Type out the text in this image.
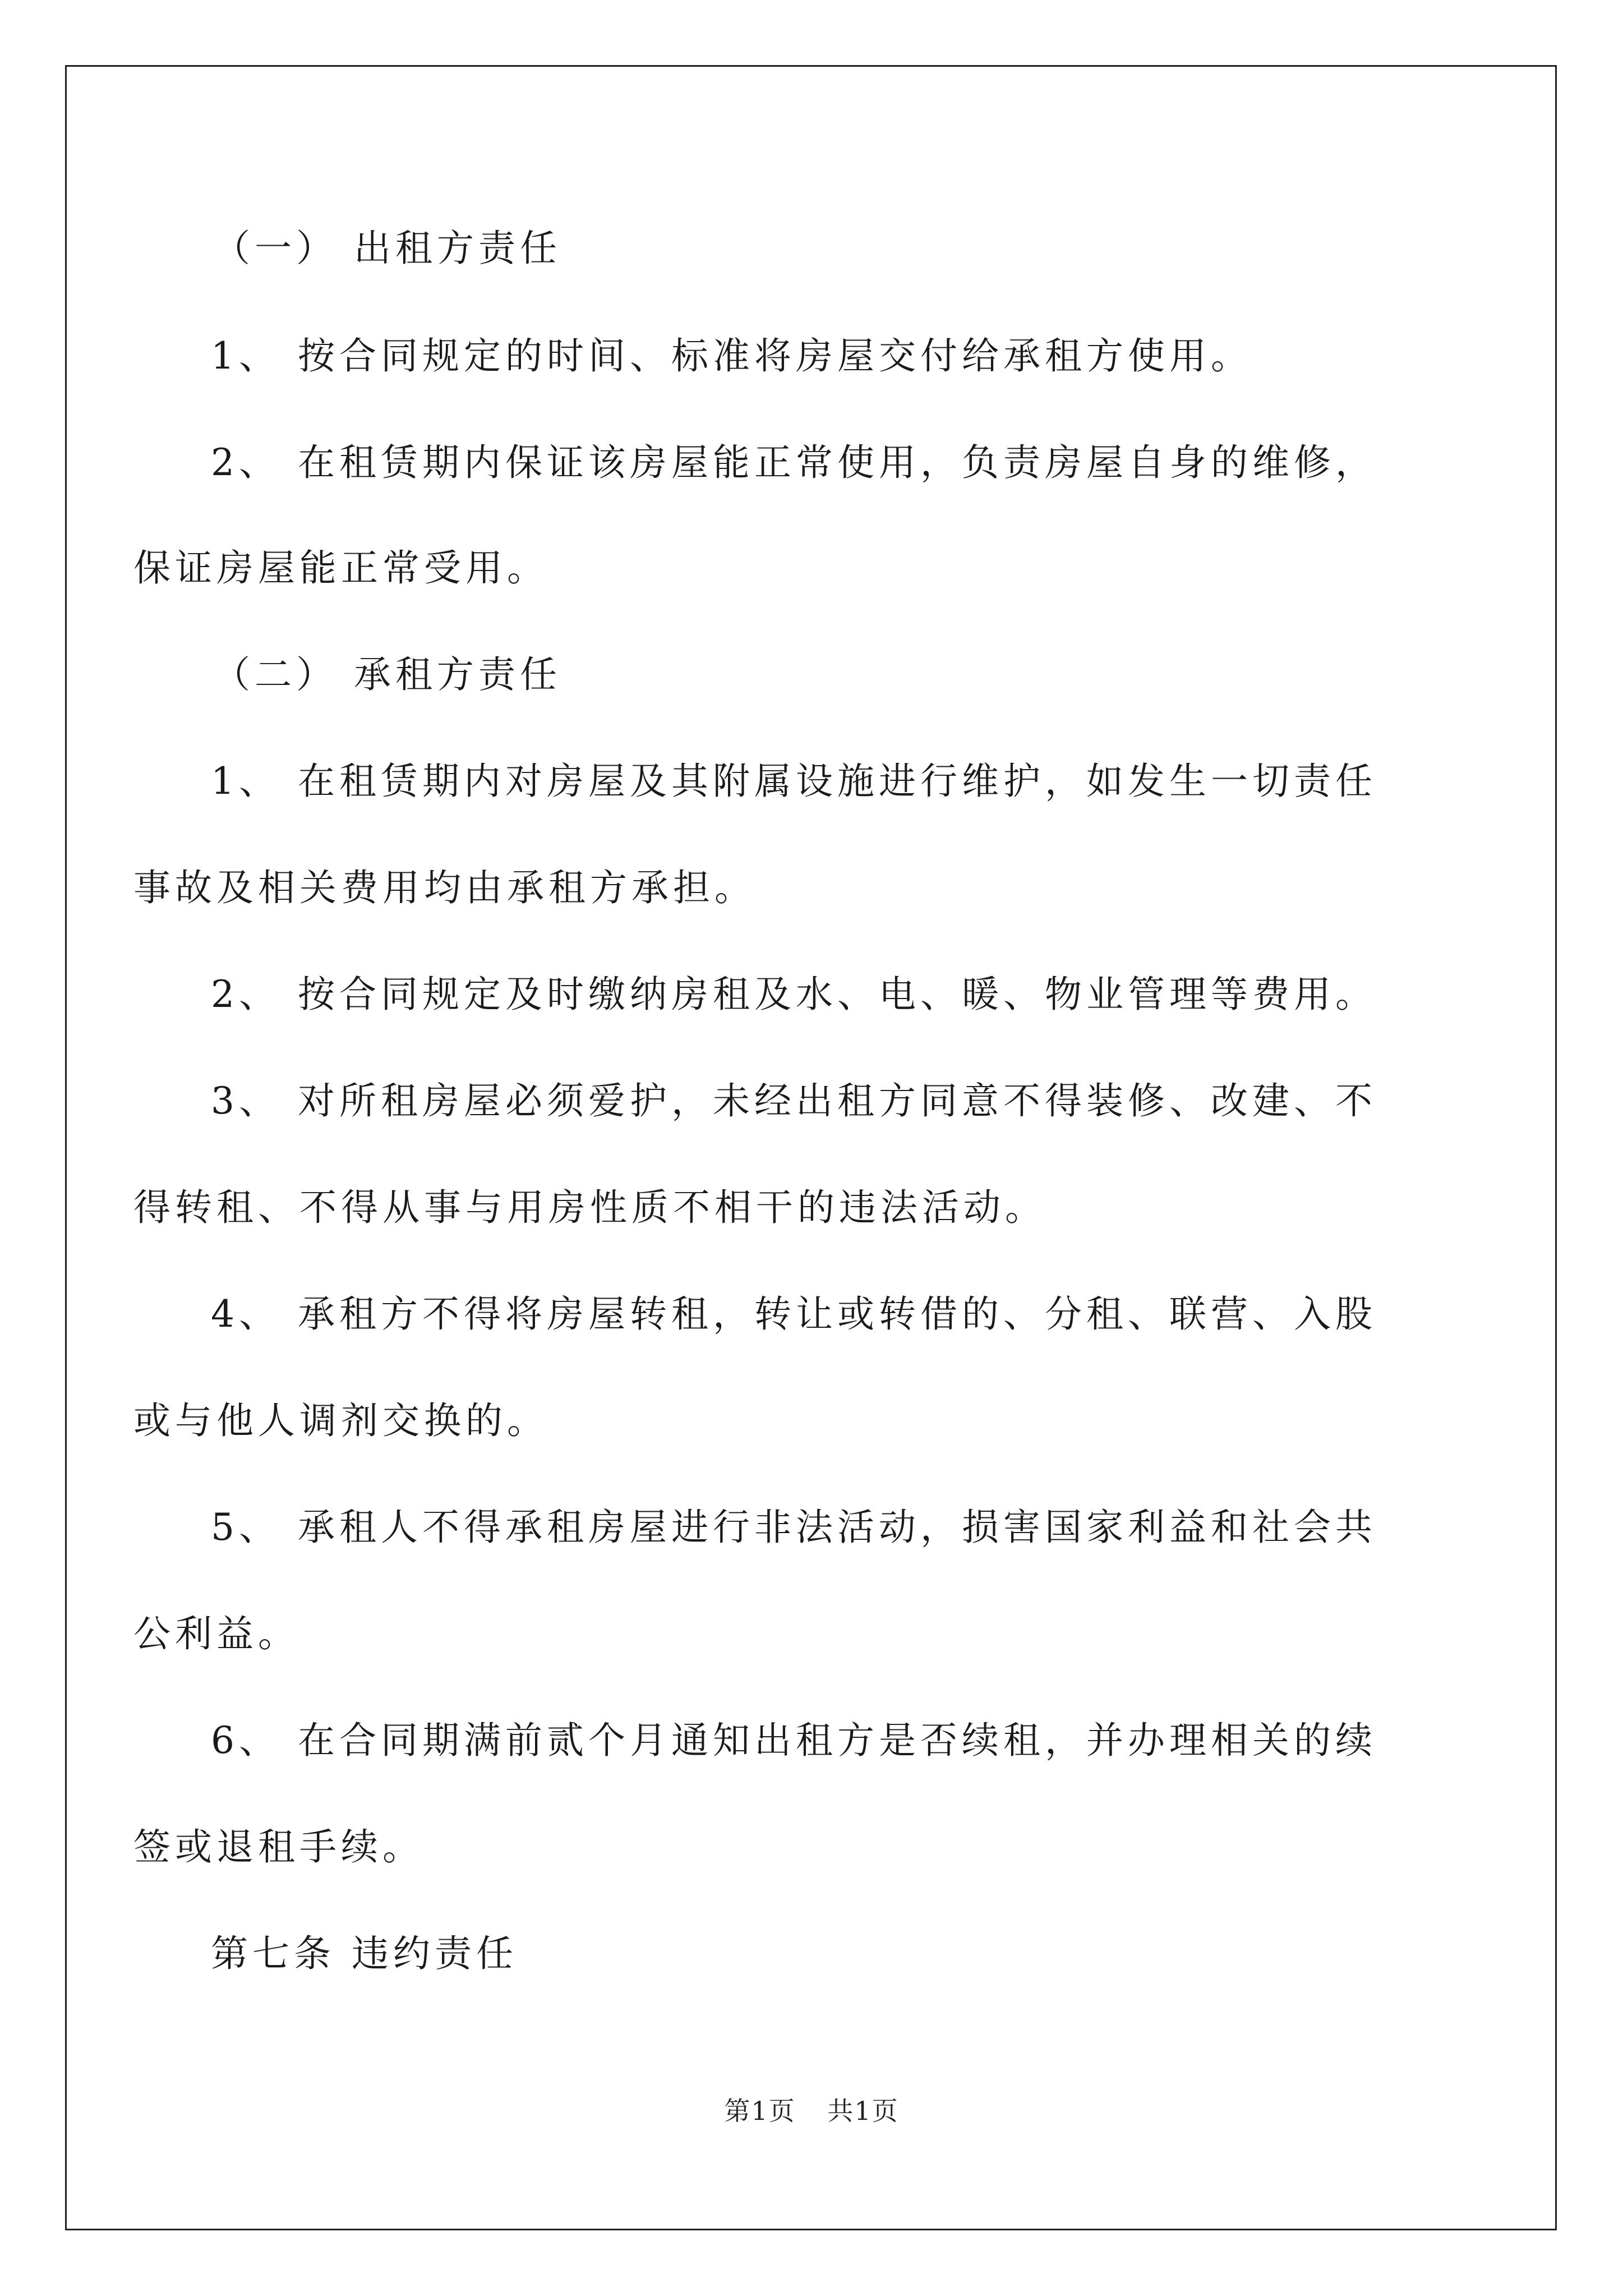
（一） 出租方责任
1、 按合同规定的时间、标准将房屋交付给承租方使用。
2、 在租赁期内保证该房屋能正常使用，负责房屋自身的维修，
保证房屋能正常受用。
（二） 承租方责任
1、 在租赁期内对房屋及其附属设施进行维护，如发生一切责任
事故及相关费用均由承租方承担。
2、 按合同规定及时缴纳房租及水、电、暖、物业管理等费用。
3、 对所租房屋必须爱护，未经出租方同意不得装修、改建、不
得转租、不得从事与用房性质不相干的违法活动。
4、 承租方不得将房屋转租，转让或转借的、分租、联营、入股
或与他人调剂交换的。
5、 承租人不得承租房屋进行非法活动，损害国家利益和社会共
公利益。
6、 在合同期满前贰个月通知出租方是否续租，并办理相关的续
签或退租手续。
第七条 违约责任
第1页 共1页
